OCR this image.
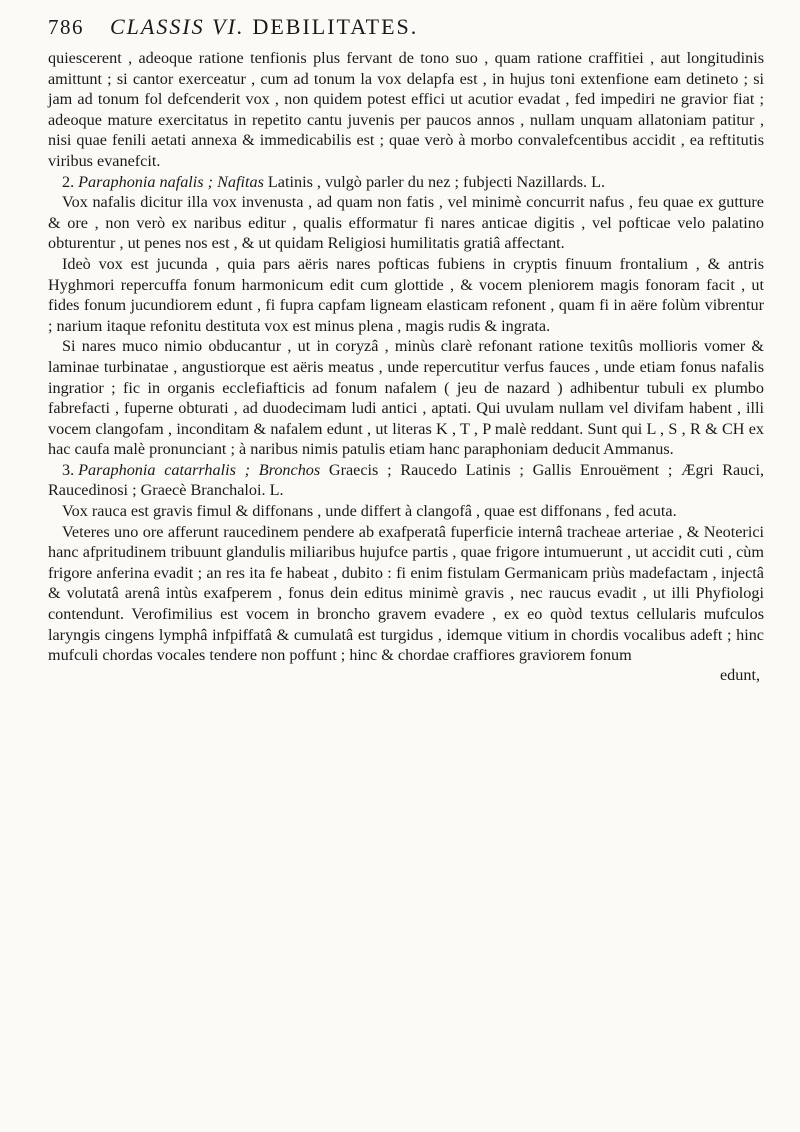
786 CLASSIS VI. DEBILITATES.

quiescerent , adeoque ratione tenfionis plus fervant de tono suo , quam ratione craffitiei , aut longitudinis amittunt ; si cantor exerceatur , cum ad tonum la vox delapfa est , in hujus toni extenfione eam detineto ; si jam ad tonum fol defcenderit vox , non quidem potest effici ut acutior evadat , fed impediri ne gravior fiat ; adeoque mature exercitatus in repetito cantu juvenis per paucos annos , nullam unquam allatoniam patitur , nisi quae fenili aetati annexa & immedicabilis est ; quae verò à morbo convalefcentibus accidit , ea reftitutis viribus evanefcit.

2. Paraphonia nafalis ; Nafitas Latinis , vulgò parler du nez ; fubjecti Nazillards. L.

Vox nafalis dicitur illa vox invenusta , ad quam non fatis , vel minimè concurrit nafus , feu quae ex gutture & ore , non verò ex naribus editur , qualis efformatur fi nares anticae digitis , vel pofticae velo palatino obturentur , ut penes nos est , & ut quidam Religiosi humilitatis gratiâ affectant.

Ideò vox est jucunda , quia pars aëris nares pofticas fubiens in cryptis finuum frontalium , & antris Hyghmori repercuffa fonum harmonicum edit cum glottide , & vocem pleniorem magis fonoram facit , ut fides fonum jucundiorem edunt , fi fupra capfam ligneam elasticam refonent , quam fi in aëre folùm vibrentur ; narium itaque refonitu destituta vox est minus plena , magis rudis & ingrata.

Si nares muco nimio obducantur , ut in coryzâ , minùs clarè refonant ratione texitûs mollioris vomer & laminae turbinatae , angustiorque est aëris meatus , unde repercutitur verfus fauces , unde etiam fonus nafalis ingratior ; fic in organis ecclefiafticis ad fonum nafalem ( jeu de nazard ) adhibentur tubuli ex plumbo fabrefacti , fuperne obturati , ad duodecimam ludi antici , aptati. Qui uvulam nullam vel divifam habent , illi vocem clangofam , inconditam & nafalem edunt , ut literas K , T , P malè reddant. Sunt qui L , S , R & CH ex hac caufa malè pronunciant ; à naribus nimis patulis etiam hanc paraphoniam deducit Ammanus.

3. Paraphonia catarrhalis ; Bronchos Graecis ; Raucedo Latinis ; Gallis Enrouëment ; Ægri Rauci, Raucedinosi ; Graecè Branchaloi. L.

Vox rauca est gravis fimul & diffonans , unde differt à clangofâ , quae est diffonans , fed acuta.

Veteres uno ore afferunt raucedinem pendere ab exafperatâ fuperficie internâ tracheae arteriae , & Neoterici hanc afpritudinem tribuunt glandulis miliaribus hujufce partis , quae frigore intumuerunt , ut accidit cuti , cùm frigore anferina evadit ; an res ita fe habeat , dubito : fi enim fistulam Germanicam priùs madefactam , injectâ & volutatâ arenâ intùs exafperem , fonus dein editus minimè gravis , nec raucus evadit , ut illi Phyfiologi contendunt. Verofimilius est vocem in broncho gravem evadere , ex eo quòd textus cellularis mufculos laryngis cingens lymphâ infpiffatâ & cumulatâ est turgidus , idemque vitium in chordis vocalibus adeft ; hinc mufculi chordas vocales tendere non poffunt ; hinc & chordae craffiores graviorem fonum

edunt,
